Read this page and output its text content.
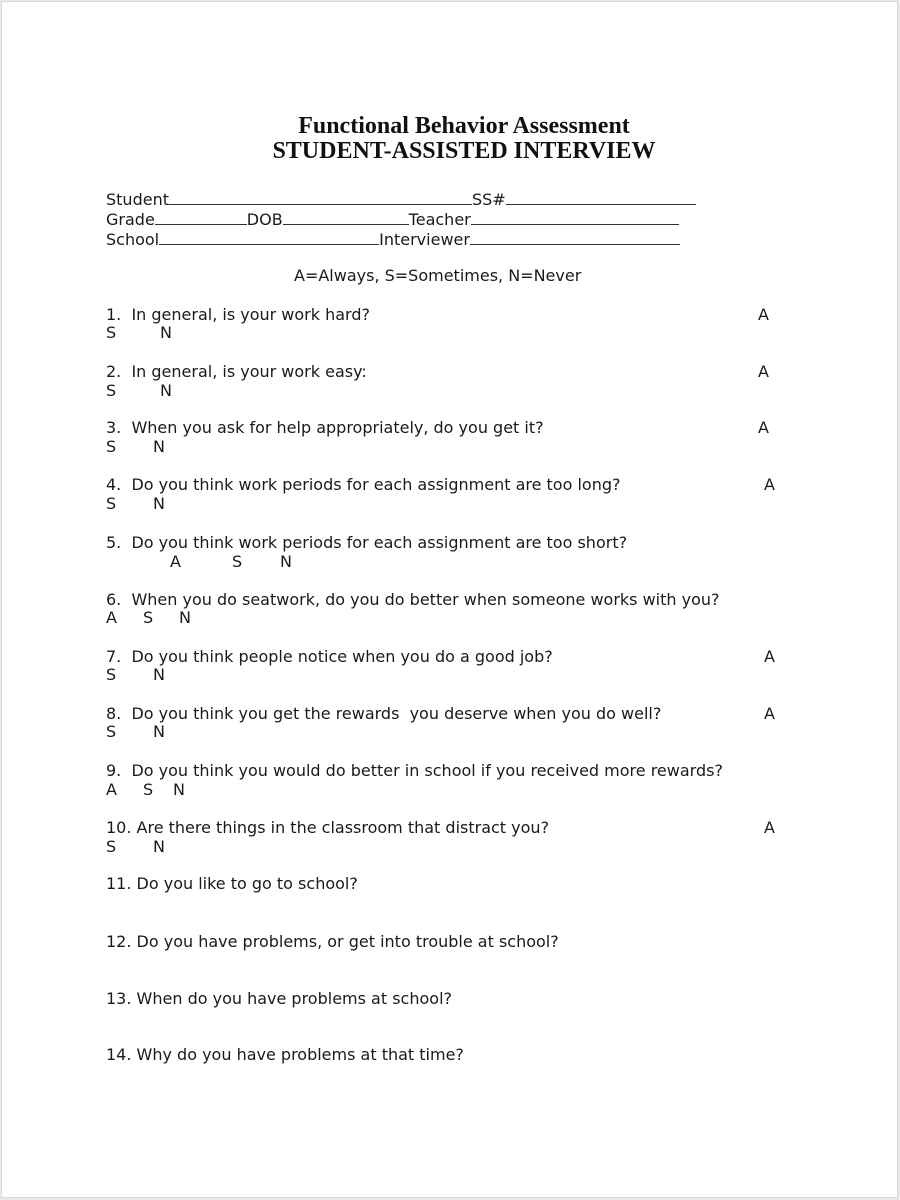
Functional Behavior Assessment
STUDENT-ASSISTED INTERVIEW
Student	SS#
Grade	DOB	Teacher
School	Interviewer
A=Always, S=Sometimes, N=Never
1.  In general, is your work hard?	A
S	N
2.  In general, is your work easy:	A
S	N
3.  When you ask for help appropriately, do you get it?	A
S N
4.  Do you think work periods for each assignment are too long?	A
S N
5.  Do you think work periods for each assignment are too short?
A	S N
6.  When you do seatwork, do you do better when someone works with you?
A S N
7.  Do you think people notice when you do a good job?	A
S N
8.  Do you think you get the rewards  you deserve when you do well?	A
S N
9.  Do you think you would do better in school if you received more rewards?
A S N
10. Are there things in the classroom that distract you?	A
S N
11. Do you like to go to school?
12. Do you have problems, or get into trouble at school?
13. When do you have problems at school?
14. Why do you have problems at that time?
